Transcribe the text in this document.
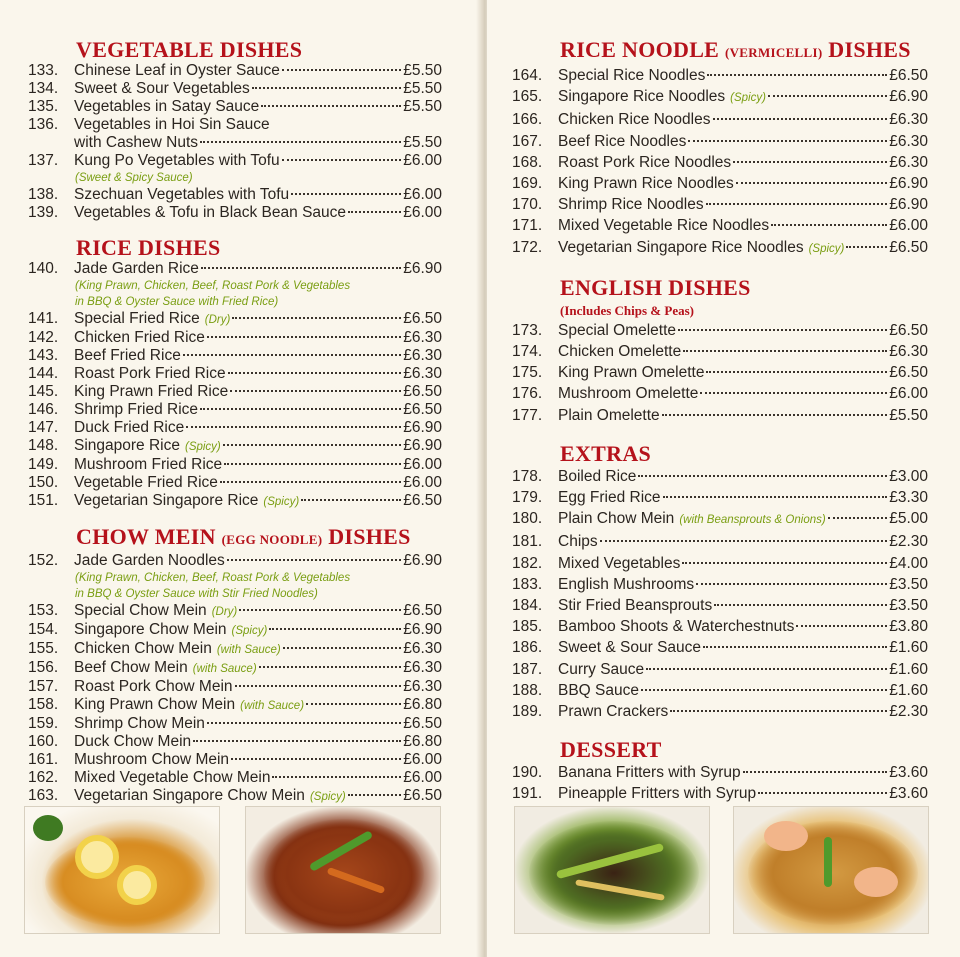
VEGETABLE DISHES
133.	Chinese Leaf in Oyster Sauce	£5.50
134.	Sweet & Sour Vegetables	£5.50
135.	Vegetables in Satay Sauce	£5.50
136.	Vegetables in Hoi Sin Sauce
with Cashew Nuts	£5.50
137.	Kung Po Vegetables with Tofu	£6.00
(Sweet & Spicy Sauce)
138.	Szechuan Vegetables with Tofu	£6.00
139.	Vegetables & Tofu in Black Bean Sauce	£6.00
RICE DISHES
140.	Jade Garden Rice	£6.90
(King Prawn, Chicken, Beef, Roast Pork & Vegetables
in BBQ & Oyster Sauce with Fried Rice)
141.	Special Fried Rice (Dry)	£6.50
142.	Chicken Fried Rice	£6.30
143.	Beef Fried Rice	£6.30
144.	Roast Pork Fried Rice	£6.30
145.	King Prawn Fried Rice	£6.50
146.	Shrimp Fried Rice	£6.50
147.	Duck Fried Rice	£6.90
148.	Singapore Rice (Spicy)	£6.90
149.	Mushroom Fried Rice	£6.00
150.	Vegetable Fried Rice	£6.00
151.	Vegetarian Singapore Rice (Spicy)	£6.50
CHOW MEIN (EGG NOODLE) DISHES
152.	Jade Garden Noodles	£6.90
(King Prawn, Chicken, Beef, Roast Pork & Vegetables
in BBQ & Oyster Sauce with Stir Fried Noodles)
153.	Special Chow Mein (Dry)	£6.50
154.	Singapore Chow Mein (Spicy)	£6.90
155.	Chicken Chow Mein (with Sauce)	£6.30
156.	Beef Chow Mein (with Sauce)	£6.30
157.	Roast Pork Chow Mein	£6.30
158.	King Prawn Chow Mein (with Sauce)	£6.80
159.	Shrimp Chow Mein	£6.50
160.	Duck Chow Mein	£6.80
161.	Mushroom Chow Mein	£6.00
162.	Mixed Vegetable Chow Mein	£6.00
163.	Vegetarian Singapore Chow Mein (Spicy)	£6.50
RICE NOODLE (VERMICELLI) DISHES
164.	Special Rice Noodles	£6.50
165.	Singapore Rice Noodles (Spicy)	£6.90
166.	Chicken Rice Noodles	£6.30
167.	Beef Rice Noodles	£6.30
168.	Roast Pork Rice Noodles	£6.30
169.	King Prawn Rice Noodles	£6.90
170.	Shrimp Rice Noodles	£6.90
171.	Mixed Vegetable Rice Noodles	£6.00
172.	Vegetarian Singapore Rice Noodles (Spicy)	£6.50
ENGLISH DISHES
(Includes Chips & Peas)
173.	Special Omelette	£6.50
174.	Chicken Omelette	£6.30
175.	King Prawn Omelette	£6.50
176.	Mushroom Omelette	£6.00
177.	Plain Omelette	£5.50
EXTRAS
178.	Boiled Rice	£3.00
179.	Egg Fried Rice	£3.30
180.	Plain Chow Mein (with Beansprouts & Onions)	£5.00
181.	Chips	£2.30
182.	Mixed Vegetables	£4.00
183.	English Mushrooms	£3.50
184.	Stir Fried Beansprouts	£3.50
185.	Bamboo Shoots & Waterchestnuts	£3.80
186.	Sweet & Sour Sauce	£1.60
187.	Curry Sauce	£1.60
188.	BBQ Sauce	£1.60
189.	Prawn Crackers	£2.30
DESSERT
190.	Banana Fritters with Syrup	£3.60
191.	Pineapple Fritters with Syrup	£3.60
